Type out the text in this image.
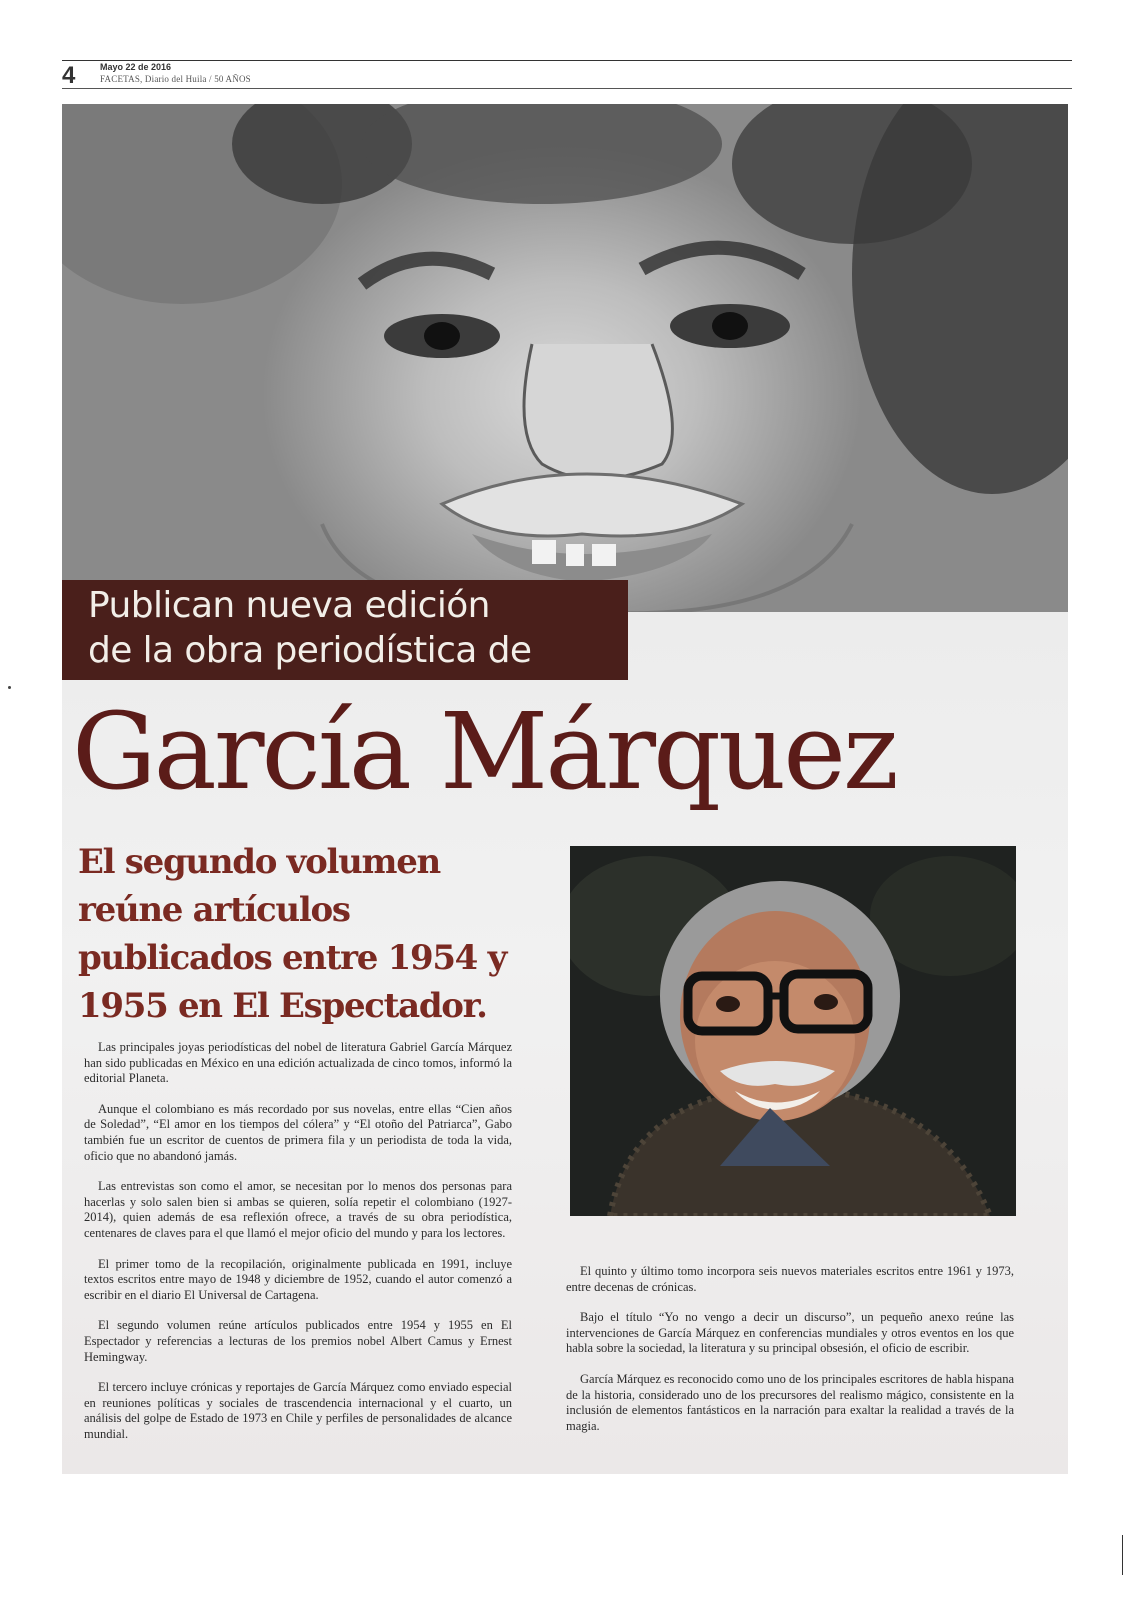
4	Mayo 22 de 2016
FACETAS, Diario del Huila / 50 AÑOS
Publican nueva edición
de la obra periodística de
García Márquez
El segundo volumen
reúne artículos
publicados entre 1954 y
1955 en El Espectador.

Las principales joyas periodísticas del nobel de literatura Gabriel García Márquez han sido publicadas en México en una edición actualizada de cinco tomos, informó la editorial Planeta.

Aunque el colombiano es más recordado por sus novelas, entre ellas “Cien años de Soledad”, “El amor en los tiempos del cólera” y “El otoño del Patriarca”, Gabo también fue un escritor de cuentos de primera fila y un periodista de toda la vida, oficio que no abandonó jamás.

Las entrevistas son como el amor, se necesitan por lo menos dos personas para hacerlas y solo salen bien si ambas se quieren, solía repetir el colombiano (1927-2014), quien además de esa reflexión ofrece, a través de su obra periodística, centenares de claves para el que llamó el mejor oficio del mundo y para los lectores.

El primer tomo de la recopilación, originalmente publicada en 1991, incluye textos escritos entre mayo de 1948 y diciembre de 1952, cuando el autor comenzó a escribir en el diario El Universal de Cartagena.

El segundo volumen reúne artículos publicados entre 1954 y 1955 en El Espectador y referencias a lecturas de los premios nobel Albert Camus y Ernest Hemingway.

El tercero incluye crónicas y reportajes de García Márquez como enviado especial en reuniones políticas y sociales de trascendencia internacional y el cuarto, un análisis del golpe de Estado de 1973 en Chile y perfiles de personalidades de alcance mundial.

El quinto y último tomo incorpora seis nuevos materiales escritos entre 1961 y 1973, entre decenas de crónicas.

Bajo el título “Yo no vengo a decir un discurso”, un pequeño anexo reúne las intervenciones de García Márquez en conferencias mundiales y otros eventos en los que habla sobre la sociedad, la literatura y su principal obsesión, el oficio de escribir.

García Márquez es reconocido como uno de los principales escritores de habla hispana de la historia, considerado uno de los precursores del realismo mágico, consistente en la inclusión de elementos fantásticos en la narración para exaltar la realidad a través de la magia.
